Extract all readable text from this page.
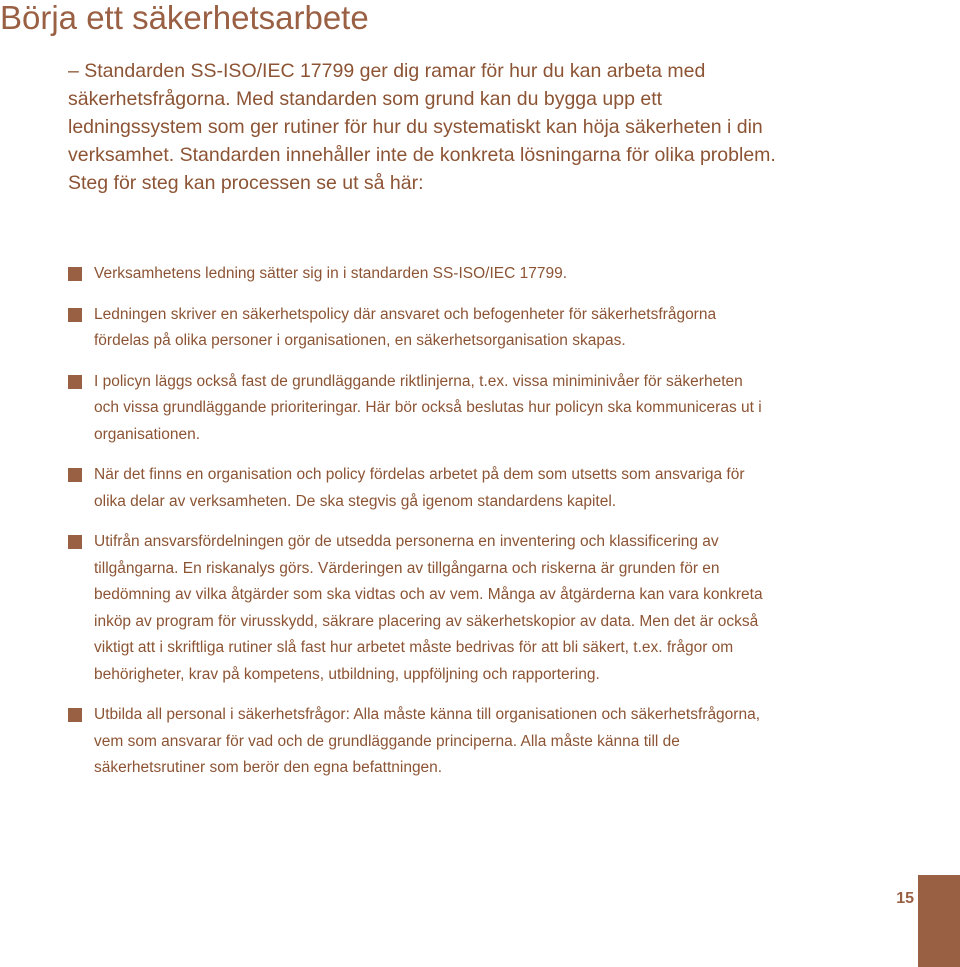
Börja ett säkerhetsarbete

– Standarden SS-ISO/IEC 17799 ger dig ramar för hur du kan arbeta med säkerhetsfrågorna. Med standarden som grund kan du bygga upp ett ledningssystem som ger rutiner för hur du systematiskt kan höja säkerheten i din verksamhet. Standarden innehåller inte de konkreta lösningarna för olika problem. Steg för steg kan processen se ut så här:

Verksamhetens ledning sätter sig in i standarden SS-ISO/IEC 17799.
Ledningen skriver en säkerhetspolicy där ansvaret och befogenheter för säkerhetsfrågorna fördelas på olika personer i organisationen, en säkerhetsorganisation skapas.
I policyn läggs också fast de grundläggande riktlinjerna, t.ex. vissa miniminivåer för säkerheten och vissa grundläggande prioriteringar. Här bör också beslutas hur policyn ska kommuniceras ut i organisationen.
När det finns en organisation och policy fördelas arbetet på dem som utsetts som ansvariga för olika delar av verksamheten. De ska stegvis gå igenom standardens kapitel.
Utifrån ansvarsfördelningen gör de utsedda personerna en inventering och klassificering av tillgångarna. En riskanalys görs. Värderingen av tillgångarna och riskerna är grunden för en bedömning av vilka åtgärder som ska vidtas och av vem. Många av åtgärderna kan vara konkreta inköp av program för virusskydd, säkrare placering av säkerhetskopior av data. Men det är också viktigt att i skriftliga rutiner slå fast hur arbetet måste bedrivas för att bli säkert, t.ex. frågor om behörigheter, krav på kompetens, utbildning, uppföljning och rapportering.
Utbilda all personal i säkerhetsfrågor: Alla måste känna till organisationen och säkerhetsfrågorna, vem som ansvarar för vad och de grundläggande principerna. Alla måste känna till de säkerhetsrutiner som berör den egna befattningen.
15
